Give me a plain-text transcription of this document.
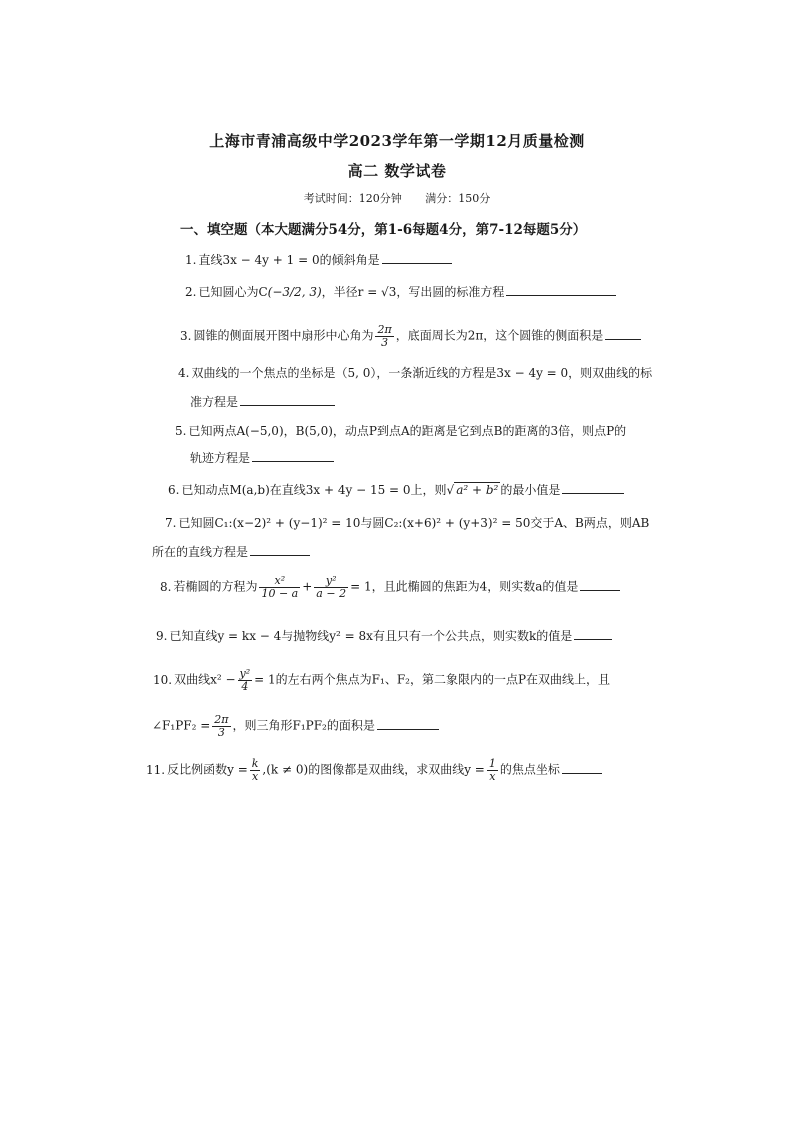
上海市青浦高级中学2023学年第一学期12月质量检测
高二 数学试卷
考试时间：120分钟 满分：150分
一、填空题（本大题满分54分，第1-6每题4分，第7-12每题5分）
1. 直线3x − 4y + 1 = 0的倾斜角是
2. 已知圆心为C(−3/2, 3)，半径r = √3，写出圆的标准方程
3. 圆锥的侧面展开图中扇形中心角为 $\frac{2\pi}{3}$ ，底面周长为2π，这个圆锥的侧面积是
4. 双曲线的一个焦点的坐标是（5, 0），一条渐近线的方程是3x − 4y = 0，则双曲线的标
准方程是
5. 已知两点A(−5,0)，B(5,0)，动点P到点A的距离是它到点B的距离的3倍，则点P的
轨迹方程是
6. 已知动点M(a,b)在直线3x + 4y − 15 = 0上，则√ a² + b² 的最小值是
7. 已知圆C₁:(x−2)² + (y−1)² = 10与圆C₂:(x+6)² + (y+3)² = 50交于A、B两点，则AB
所在的直线方程是
8. 若椭圆的方程为 $\frac{\text{x²}}{10 - a} + \frac{\text{y²}}{a - 2} = 1$，且此椭圆的焦距为4，则实数a的值是
9. 已知直线y = kx − 4与抛物线y² = 8x有且只有一个公共点，则实数k的值是
10. 双曲线$x^2 - \frac{\text{y²}}{4} = 1$的左右两个焦点为F₁、F₂，第二象限内的一点P在双曲线上，且
∠F₁PF₂ = $\frac{2\pi}{3}$ ，则三角形F₁PF₂的面积是
11. 反比例函数$y = \frac{k}{x} ,(k \ne 0)$的图像都是双曲线，求双曲线$y = \frac{1}{x}$ 的焦点坐标
